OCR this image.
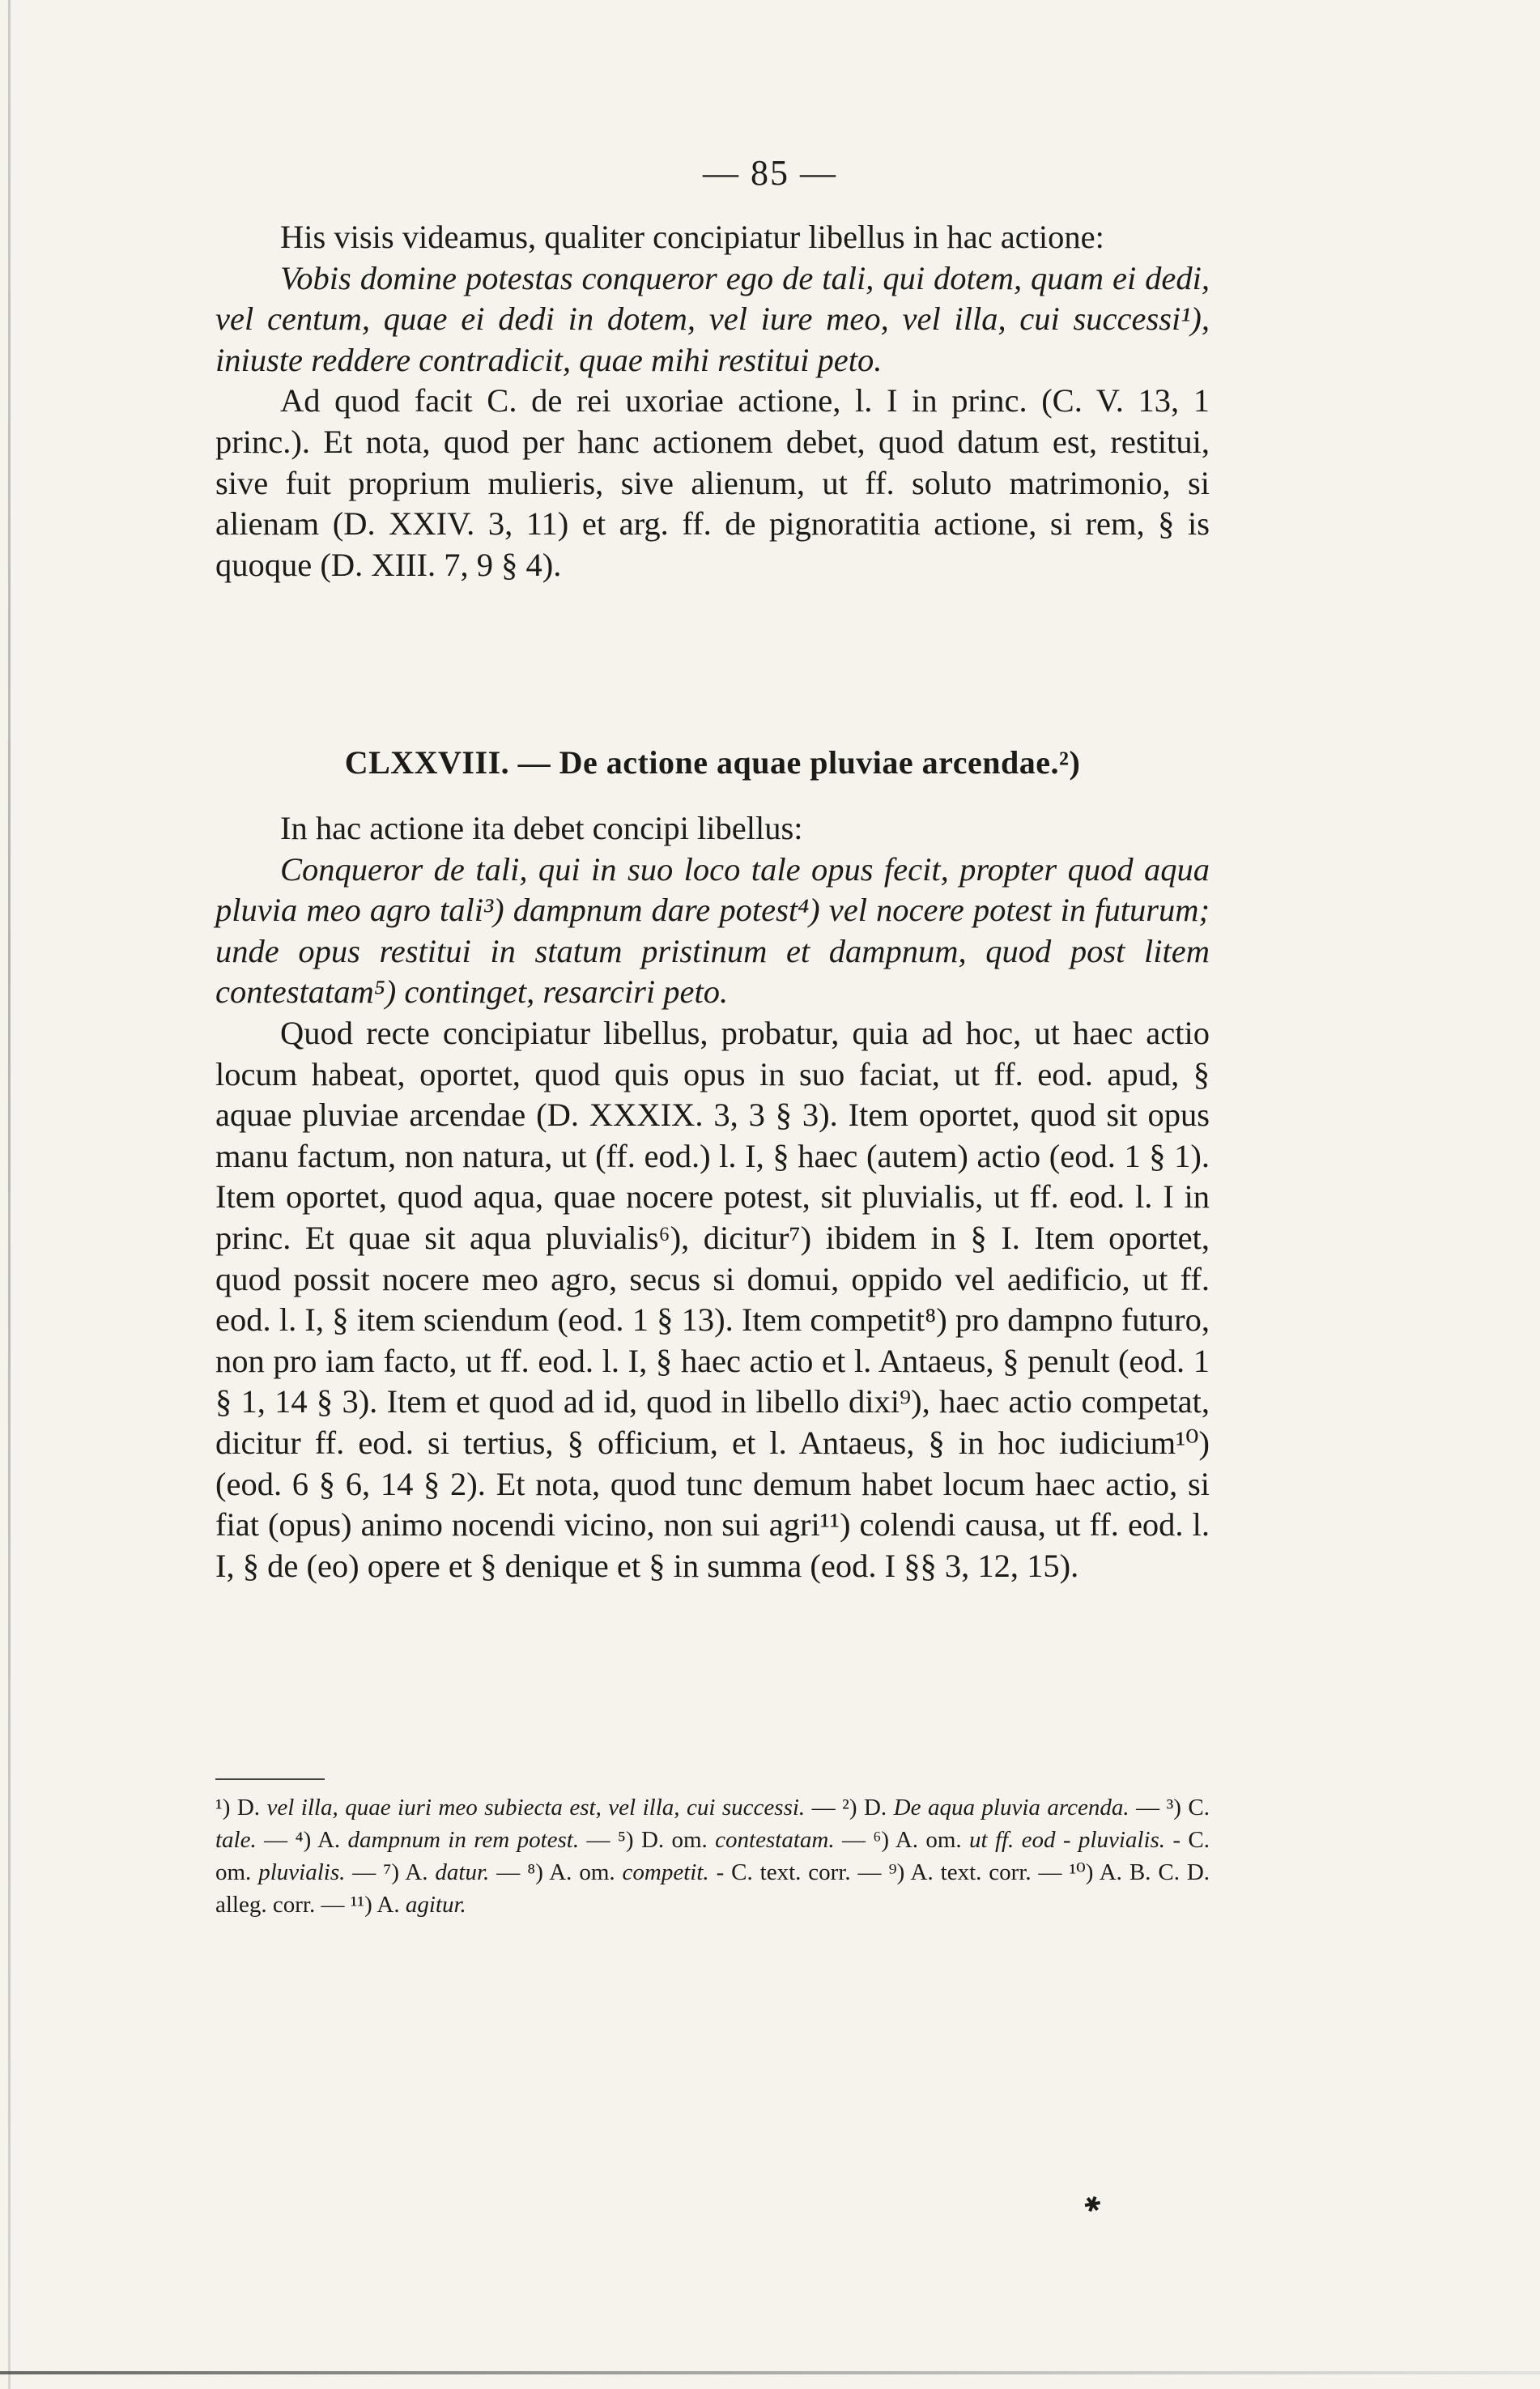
— 85 —

His visis videamus, qualiter concipiatur libellus in hac actione:

Vobis domine potestas conqueror ego de tali, qui dotem, quam ei dedi, vel centum, quae ei dedi in dotem, vel iure meo, vel illa, cui successi¹), iniuste reddere contradicit, quae mihi restitui peto.

Ad quod facit C. de rei uxoriae actione, l. I in princ. (C. V. 13, 1 princ.). Et nota, quod per hanc actionem debet, quod datum est, restitui, sive fuit proprium mulieris, sive alienum, ut ff. soluto matrimonio, si alienam (D. XXIV. 3, 11) et arg. ff. de pignoratitia actione, si rem, § is quoque (D. XIII. 7, 9 § 4).

CLXXVIII. — De actione aquae pluviae arcendae.²)

In hac actione ita debet concipi libellus:

Conqueror de tali, qui in suo loco tale opus fecit, propter quod aqua pluvia meo agro tali³) dampnum dare potest⁴) vel nocere potest in futurum; unde opus restitui in statum pristinum et dampnum, quod post litem contestatam⁵) continget, resarciri peto.

Quod recte concipiatur libellus, probatur, quia ad hoc, ut haec actio locum habeat, oportet, quod quis opus in suo faciat, ut ff. eod. apud, § aquae pluviae arcendae (D. XXXIX. 3, 3 § 3). Item oportet, quod sit opus manu factum, non natura, ut (ff. eod.) l. I, § haec (autem) actio (eod. 1 § 1). Item oportet, quod aqua, quae nocere potest, sit pluvialis, ut ff. eod. l. I in princ. Et quae sit aqua pluvialis⁶), dicitur⁷) ibidem in § I. Item oportet, quod possit nocere meo agro, secus si domui, oppido vel aedificio, ut ff. eod. l. I, § item sciendum (eod. 1 § 13). Item competit⁸) pro dampno futuro, non pro iam facto, ut ff. eod. l. I, § haec actio et l. Antaeus, § penult (eod. 1 § 1, 14 § 3). Item et quod ad id, quod in libello dixi⁹), haec actio competat, dicitur ff. eod. si tertius, § officium, et l. Antaeus, § in hoc iudicium¹⁰) (eod. 6 § 6, 14 § 2). Et nota, quod tunc demum habet locum haec actio, si fiat (opus) animo nocendi vicino, non sui agri¹¹) colendi causa, ut ff. eod. l. I, § de (eo) opere et § denique et § in summa (eod. I §§ 3, 12, 15).

¹) D. vel illa, quae iuri meo subiecta est, vel illa, cui successi. — ²) D. De aqua pluvia arcenda. — ³) C. tale. — ⁴) A. dampnum in rem potest. — ⁵) D. om. contestatam. — ⁶) A. om. ut ff. eod - pluvialis. - C. om. pluvialis. — ⁷) A. datur. — ⁸) A. om. competit. - C. text. corr. — ⁹) A. text. corr. — ¹⁰) A. B. C. D. alleg. corr. — ¹¹) A. agitur.
✱
